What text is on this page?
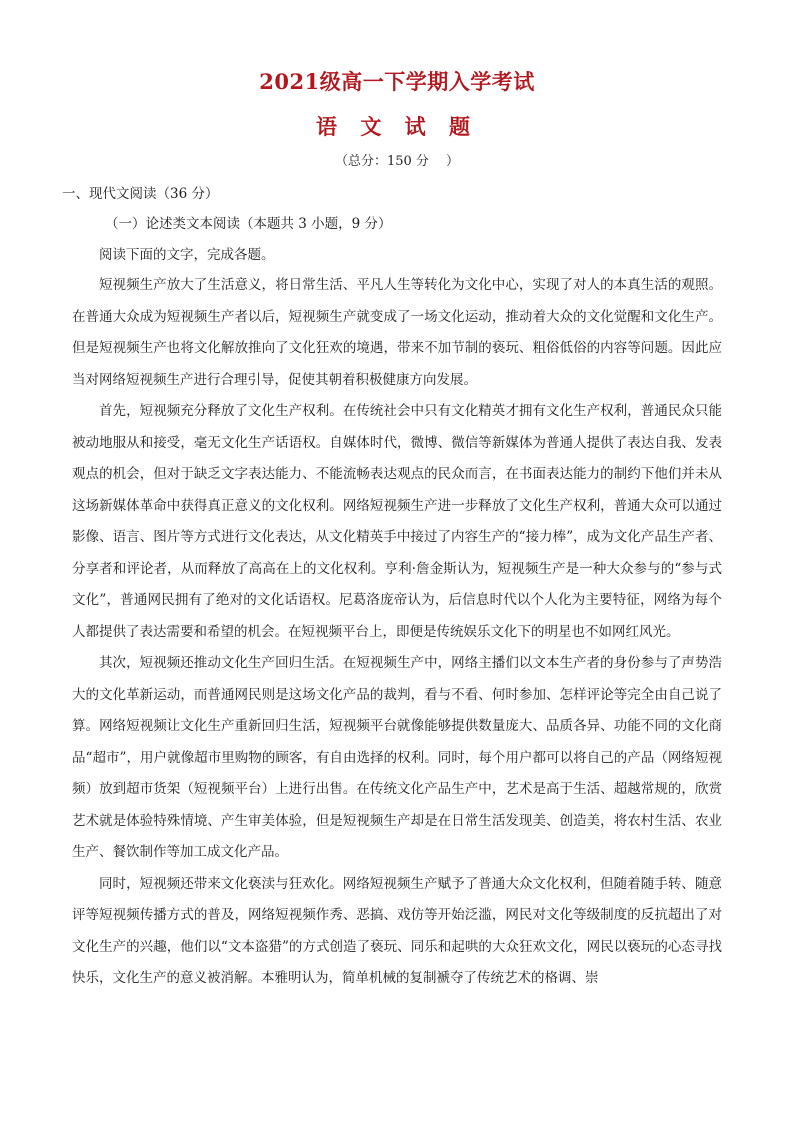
2021级高一下学期入学考试
语 文 试 题
（总分：150 分　 ）
一、现代文阅读（36 分）
（一）论述类文本阅读（本题共 3 小题，9 分）
阅读下面的文字，完成各题。

短视频生产放大了生活意义，将日常生活、平凡人生等转化为文化中心，实现了对人的本真生活的观照。在普通大众成为短视频生产者以后，短视频生产就变成了一场文化运动，推动着大众的文化觉醒和文化生产。但是短视频生产也将文化解放推向了文化狂欢的境遇，带来不加节制的亵玩、粗俗低俗的内容等问题。因此应当对网络短视频生产进行合理引导，促使其朝着积极健康方向发展。

首先，短视频充分释放了文化生产权利。在传统社会中只有文化精英才拥有文化生产权利，普通民众只能被动地服从和接受，毫无文化生产话语权。自媒体时代，微博、微信等新媒体为普通人提供了表达自我、发表观点的机会，但对于缺乏文字表达能力、不能流畅表达观点的民众而言，在书面表达能力的制约下他们并未从这场新媒体革命中获得真正意义的文化权利。网络短视频生产进一步释放了文化生产权利，普通大众可以通过影像、语言、图片等方式进行文化表达，从文化精英手中接过了内容生产的“接力棒”，成为文化产品生产者、分享者和评论者，从而释放了高高在上的文化权利。亨利·詹金斯认为，短视频生产是一种大众参与的“参与式文化”，普通网民拥有了绝对的文化话语权。尼葛洛庞帝认为，后信息时代以个人化为主要特征，网络为每个人都提供了表达需要和希望的机会。在短视频平台上，即便是传统娱乐文化下的明星也不如网红风光。

其次，短视频还推动文化生产回归生活。在短视频生产中，网络主播们以文本生产者的身份参与了声势浩大的文化革新运动，而普通网民则是这场文化产品的裁判，看与不看、何时参加、怎样评论等完全由自己说了算。网络短视频让文化生产重新回归生活，短视频平台就像能够提供数量庞大、品质各异、功能不同的文化商品“超市”，用户就像超市里购物的顾客，有自由选择的权利。同时，每个用户都可以将自己的产品（网络短视频）放到超市货架（短视频平台）上进行出售。在传统文化产品生产中，艺术是高于生活、超越常规的，欣赏艺术就是体验特殊情境、产生审美体验，但是短视频生产却是在日常生活发现美、创造美，将农村生活、农业生产、餐饮制作等加工成文化产品。

同时，短视频还带来文化亵渎与狂欢化。网络短视频生产赋予了普通大众文化权利，但随着随手转、随意评等短视频传播方式的普及，网络短视频作秀、恶搞、戏仿等开始泛滥，网民对文化等级制度的反抗超出了对文化生产的兴趣，他们以“文本盗猎”的方式创造了亵玩、同乐和起哄的大众狂欢文化，网民以亵玩的心态寻找快乐，文化生产的意义被消解。本雅明认为，简单机械的复制褫夺了传统艺术的格调、崇
